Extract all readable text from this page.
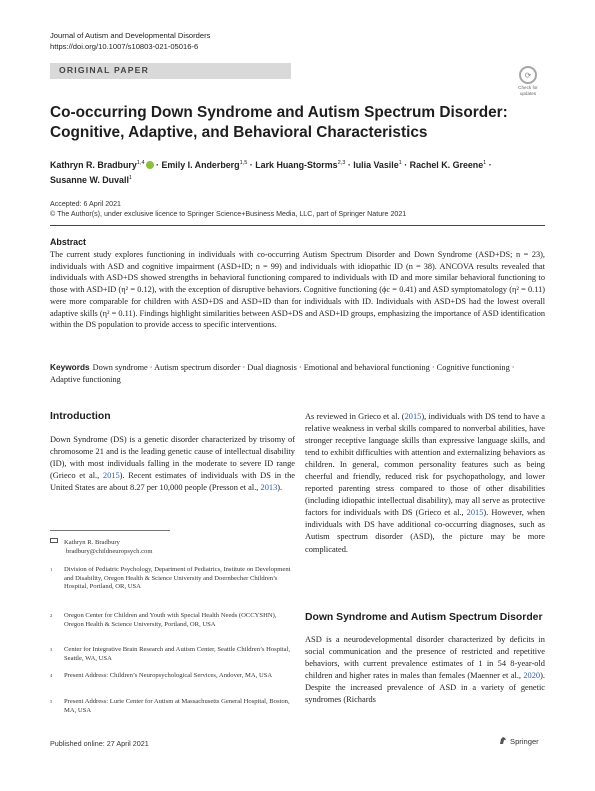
Journal of Autism and Developmental Disorders
https://doi.org/10.1007/s10803-021-05016-6
ORIGINAL PAPER	⟳
Check for
updates
Co-occurring Down Syndrome and Autism Spectrum Disorder: Cognitive, Adaptive, and Behavioral Characteristics
Kathryn R. Bradbury$^{1,4}$ · Emily I. Anderberg$^{1,5}$ · Lark Huang-Storms$^{2,3}$ · Iulia Vasile$^1$ · Rachel K. Greene$^1$ ·
Susanne W. Duvall$^1$
Accepted: 6 April 2021
© The Author(s), under exclusive licence to Springer Science+Business Media, LLC, part of Springer Nature 2021
Abstract
The current study explores functioning in individuals with co-occurring Autism Spectrum Disorder and Down Syndrome (ASD+DS; n = 23), individuals with ASD and cognitive impairment (ASD+ID; n = 99) and individuals with idiopathic ID (n = 38). ANCOVA results revealed that individuals with ASD+DS showed strengths in behavioral functioning compared to individuals with ID and more similar behavioral functioning to those with ASD+ID (η² = 0.12), with the exception of disruptive behaviors. Cognitive functioning (ϕc = 0.41) and ASD symptomatology (η² = 0.11) were more comparable for children with ASD+DS and ASD+ID than for individuals with ID. Individuals with ASD+DS had the lowest overall adaptive skills (η² = 0.11). Findings highlight similarities between ASD+DS and ASD+ID groups, emphasizing the importance of ASD identification within the DS population to provide access to specific interventions.
Keywords Down syndrome · Autism spectrum disorder · Dual diagnosis · Emotional and behavioral functioning · Cognitive functioning · Adaptive functioning
Introduction
Down Syndrome (DS) is a genetic disorder characterized by trisomy of chromosome 21 and is the leading genetic cause of intellectual disability (ID), with most individuals falling in the moderate to severe ID range (Grieco et al., 2015). Recent estimates of individuals with DS in the United States are about 8.27 per 10,000 people (Presson et al., 2013).
Kathryn R. Bradbury
bradbury@childneuropsych.com
1 Division of Pediatric Psychology, Department of Pediatrics, Institute on Development and Disability, Oregon Health & Science University and Doernbecher Children’s Hospital, Portland, OR, USA
2 Oregon Center for Children and Youth with Special Health Needs (OCCYSHN), Oregon Health & Science University, Portland, OR, USA
3 Center for Integrative Brain Research and Autism Center, Seattle Children’s Hospital, Seattle, WA, USA
4 Present Address: Children’s Neuropsychological Services, Andover, MA, USA
5 Present Address: Lurie Center for Autism at Massachusetts General Hospital, Boston, MA, USA
As reviewed in Grieco et al. (2015), individuals with DS tend to have a relative weakness in verbal skills compared to nonverbal abilities, have stronger receptive language skills than expressive language skills, and tend to exhibit difficulties with attention and externalizing behaviors as children. In general, common personality features such as being cheerful and friendly, reduced risk for psychopathology, and lower reported parenting stress compared to those of other disabilities (including idiopathic intellectual disability), may all serve as protective factors for individuals with DS (Grieco et al., 2015). However, when individuals with DS have additional co-occurring diagnoses, such as Autism spectrum disorder (ASD), the picture may be more complicated.
Down Syndrome and Autism Spectrum Disorder
ASD is a neurodevelopmental disorder characterized by deficits in social communication and the presence of restricted and repetitive behaviors, with current prevalence estimates of 1 in 54 8-year-old children and higher rates in males than females (Maenner et al., 2020). Despite the increased prevalence of ASD in a variety of genetic syndromes (Richards
Published online: 27 April 2021	Springer
